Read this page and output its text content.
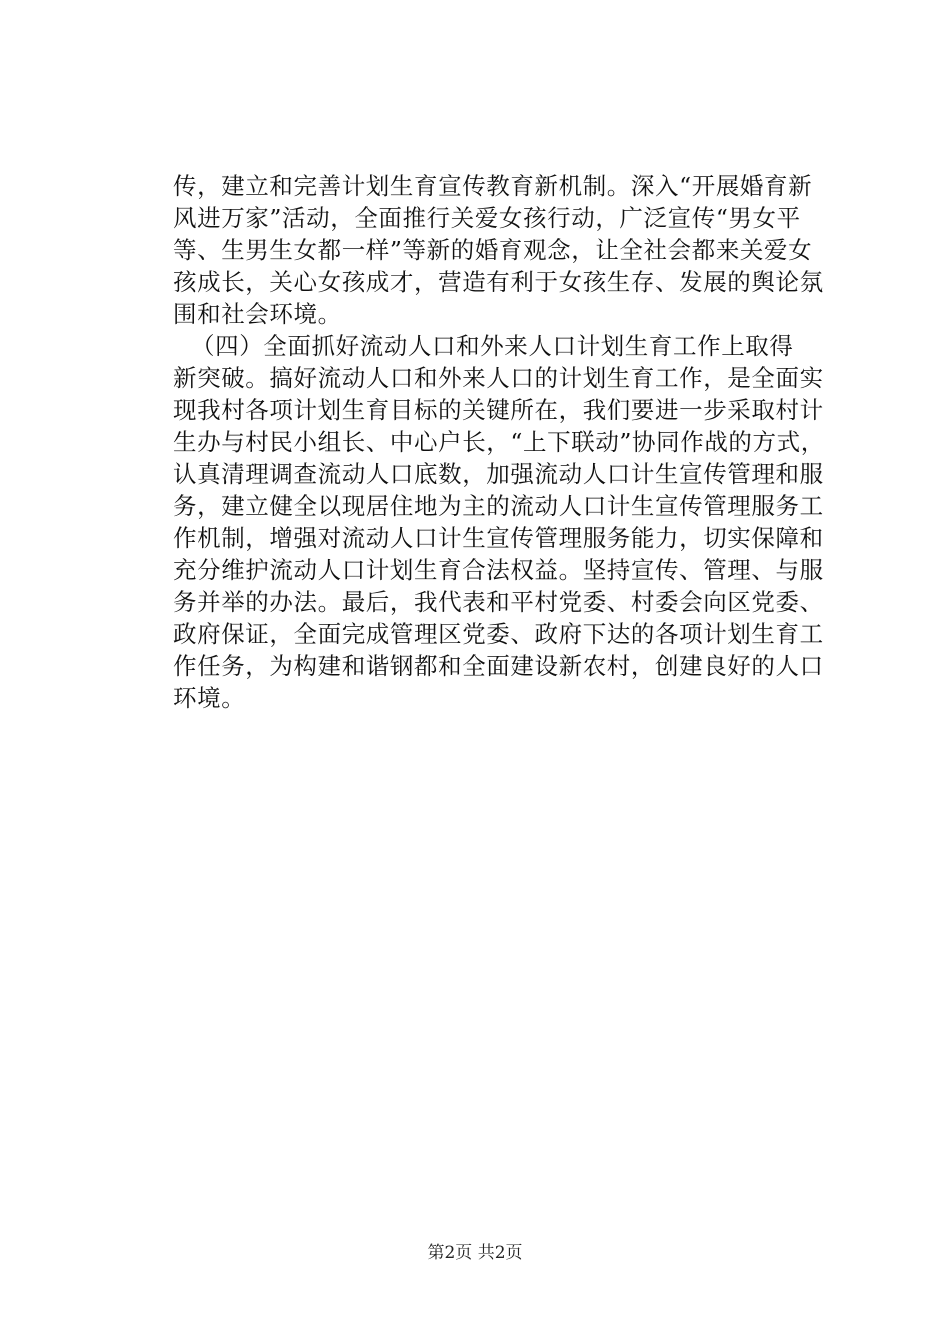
传，建立和完善计划生育宣传教育新机制。深入“开展婚育新
风进万家”活动，全面推行关爱女孩行动，广泛宣传“男女平
等、生男生女都一样”等新的婚育观念，让全社会都来关爱女
孩成长，关心女孩成才，营造有利于女孩生存、发展的舆论氛
围和社会环境。
（四）全面抓好流动人口和外来人口计划生育工作上取得
新突破。搞好流动人口和外来人口的计划生育工作，是全面实
现我村各项计划生育目标的关键所在，我们要进一步采取村计
生办与村民小组长、中心户长，“上下联动”协同作战的方式，
认真清理调查流动人口底数，加强流动人口计生宣传管理和服
务，建立健全以现居住地为主的流动人口计生宣传管理服务工
作机制，增强对流动人口计生宣传管理服务能力，切实保障和
充分维护流动人口计划生育合法权益。坚持宣传、管理、与服
务并举的办法。最后，我代表和平村党委、村委会向区党委、
政府保证，全面完成管理区党委、政府下达的各项计划生育工
作任务，为构建和谐钢都和全面建设新农村，创建良好的人口
环境。
第2页 共2页
